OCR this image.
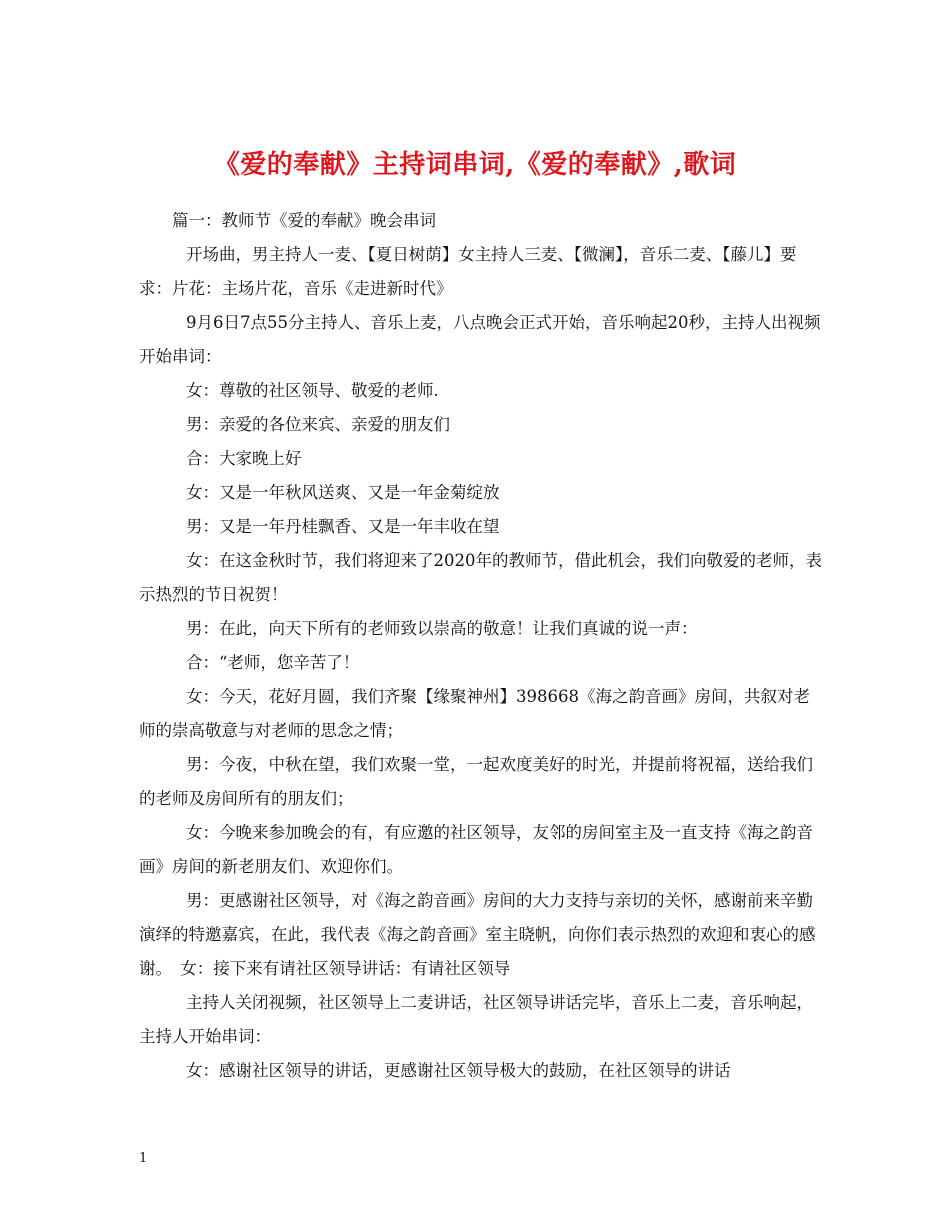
《爱的奉献》主持词串词,《爱的奉献》,歌词

篇一：教师节《爱的奉献》晚会串词

开场曲，男主持人一麦、【夏日树荫】女主持人三麦、【微澜】，音乐二麦、【藤儿】要求：片花：主场片花，音乐《走进新时代》

9月6日7点55分主持人、音乐上麦，八点晚会正式开始，音乐响起20秒，主持人出视频开始串词：

女：尊敬的社区领导、敬爱的老师.

男：亲爱的各位来宾、亲爱的朋友们

合：大家晚上好

女：又是一年秋风送爽、又是一年金菊绽放

男：又是一年丹桂飘香、又是一年丰收在望

女：在这金秋时节，我们将迎来了2020年的教师节，借此机会，我们向敬爱的老师，表示热烈的节日祝贺！

男：在此，向天下所有的老师致以崇高的敬意！让我们真诚的说一声：

合：“老师，您辛苦了！

女：今天，花好月圆，我们齐聚【缘聚神州】398668《海之韵音画》房间，共叙对老师的崇高敬意与对老师的思念之情；

男：今夜，中秋在望，我们欢聚一堂，一起欢度美好的时光，并提前将祝福，送给我们的老师及房间所有的朋友们；

女：今晚来参加晚会的有，有应邀的社区领导，友邻的房间室主及一直支持《海之韵音画》房间的新老朋友们、欢迎你们。

男：更感谢社区领导，对《海之韵音画》房间的大力支持与亲切的关怀，感谢前来辛勤演绎的特邀嘉宾，在此，我代表《海之韵音画》室主晓帆，向你们表示热烈的欢迎和衷心的感谢。　女：接下来有请社区领导讲话：有请社区领导

主持人关闭视频，社区领导上二麦讲话，社区领导讲话完毕，音乐上二麦，音乐响起，主持人开始串词：

女：感谢社区领导的讲话，更感谢社区领导极大的鼓励，在社区领导的讲话

1
